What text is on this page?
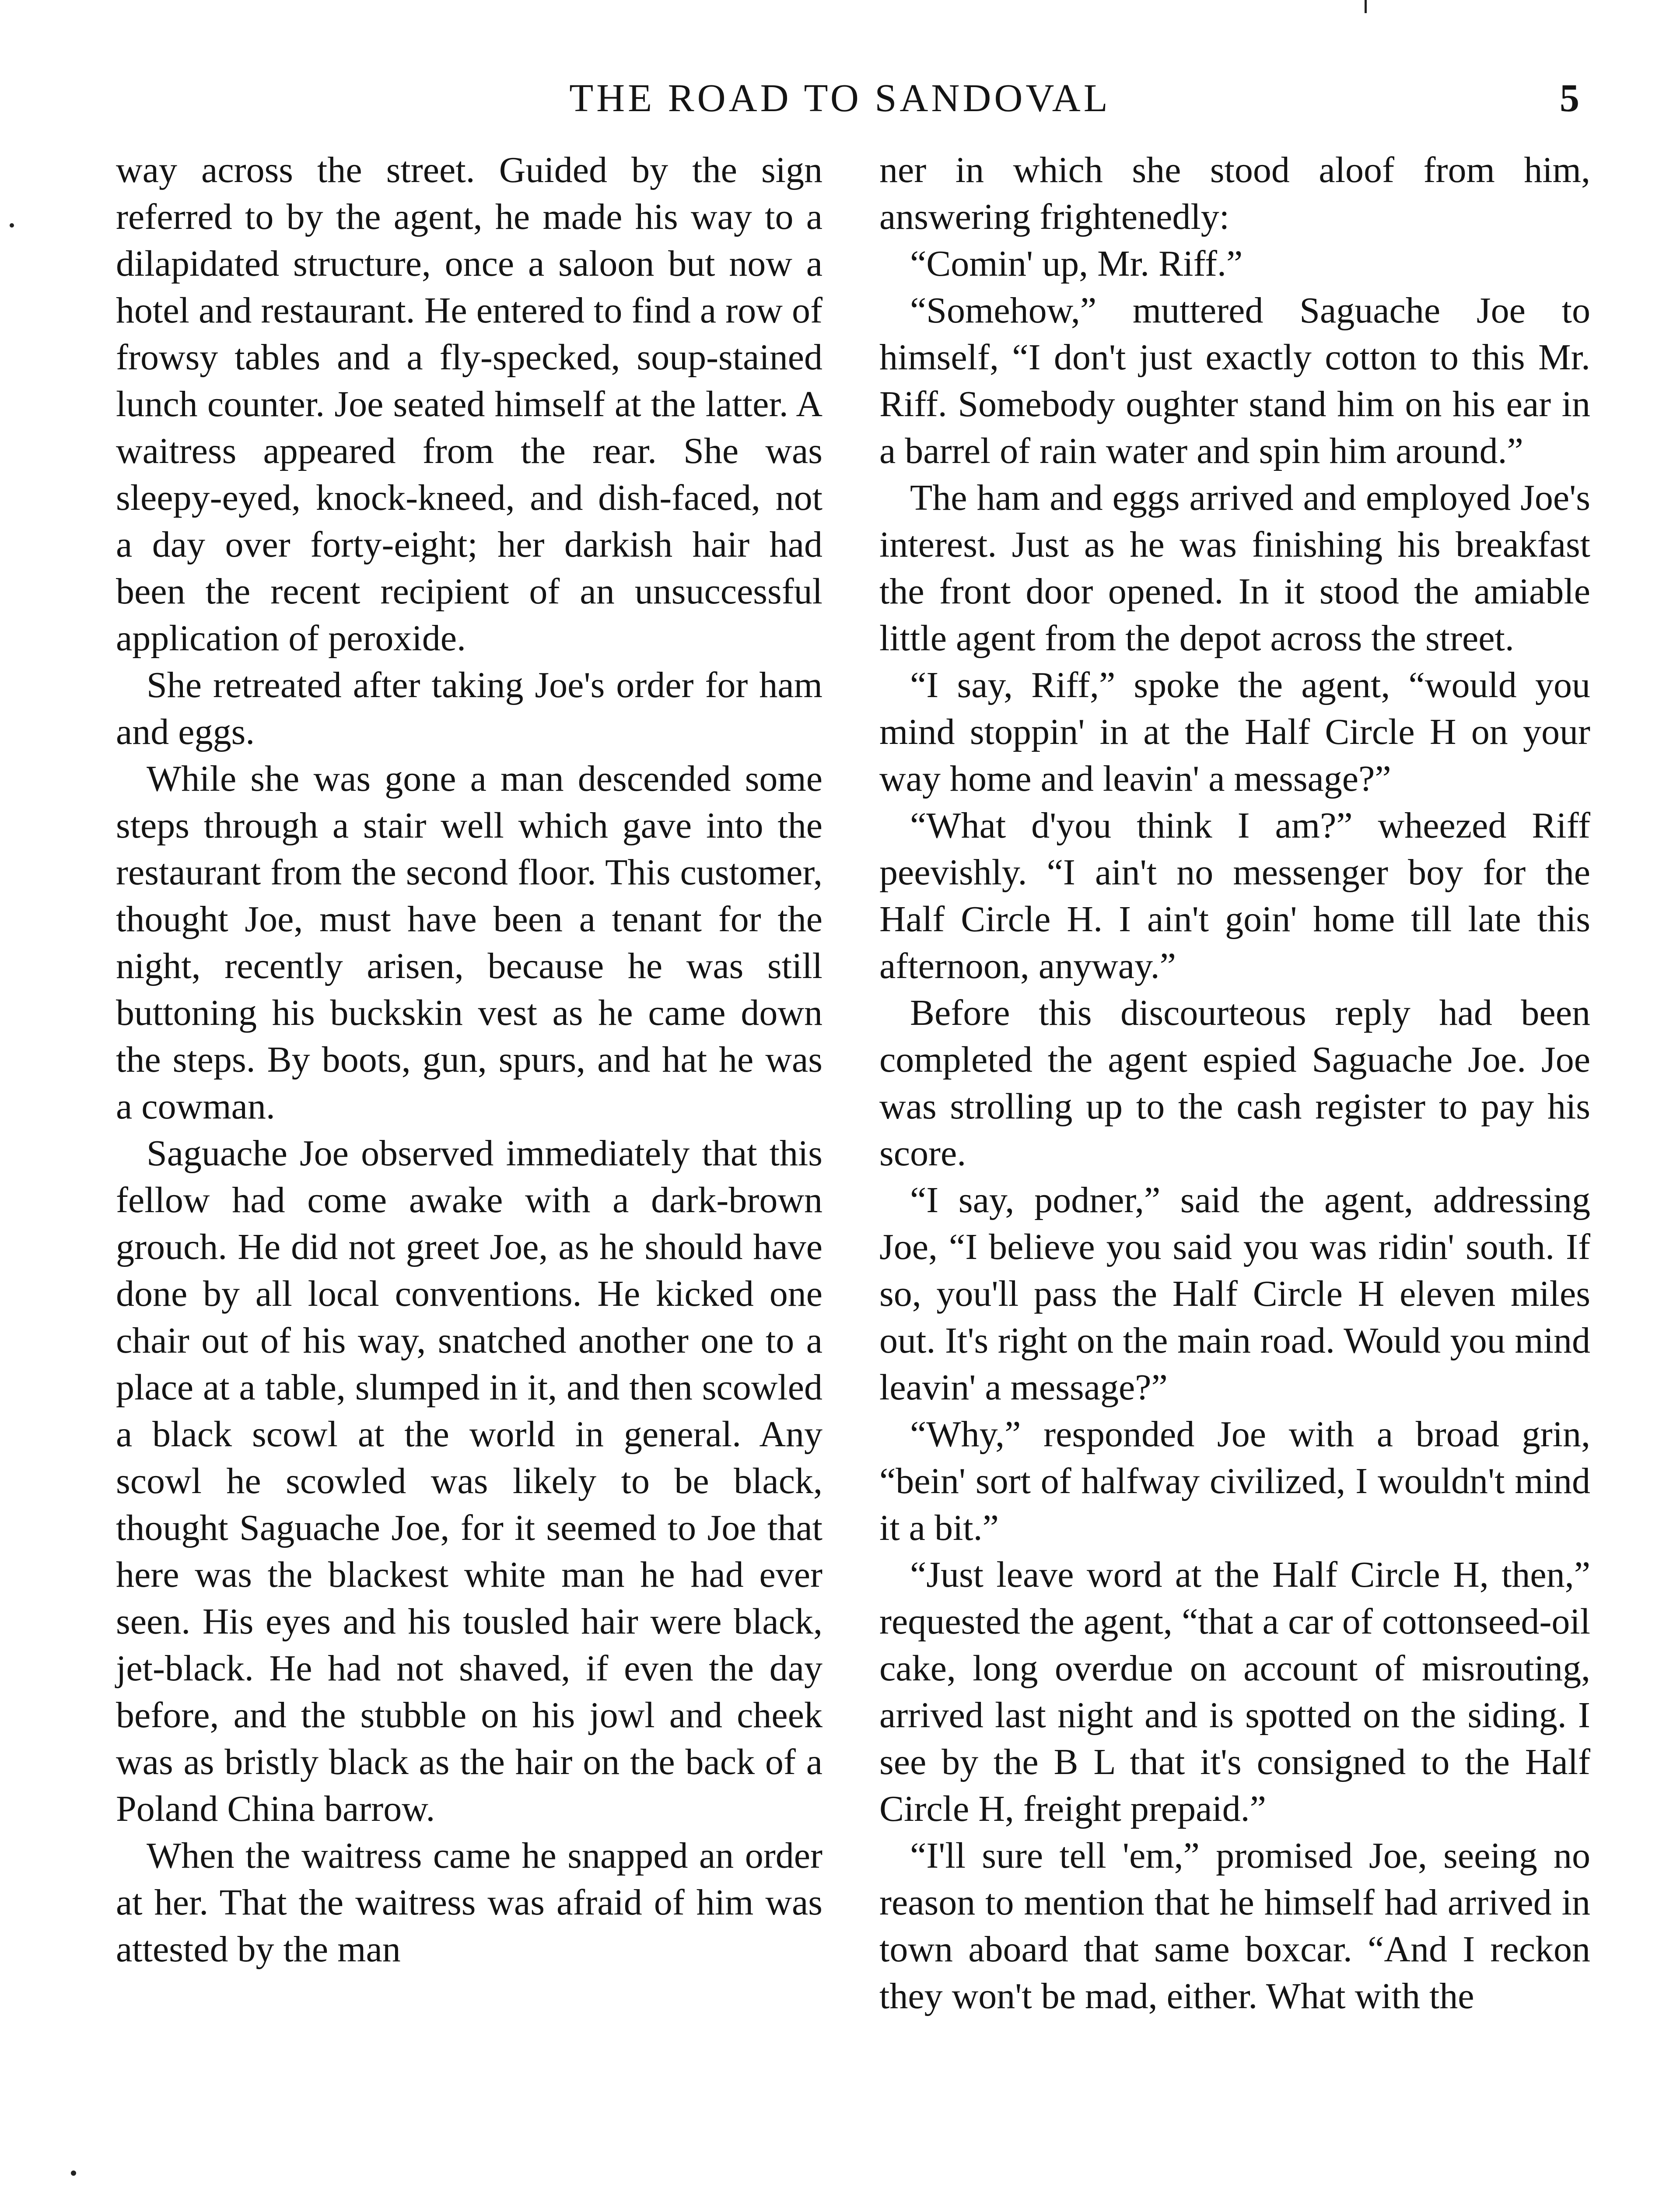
THE ROAD TO SANDOVAL	5

way across the street. Guided by the sign referred to by the agent, he made his way to a dilapidated structure, once a saloon but now a hotel and restaurant. He entered to find a row of frowsy tables and a fly-specked, soup-stained lunch counter. Joe seated himself at the latter. A waitress appeared from the rear. She was sleepy-eyed, knock-kneed, and dish-faced, not a day over forty-eight; her darkish hair had been the recent recipient of an unsuccessful application of peroxide.

She retreated after taking Joe's order for ham and eggs.

While she was gone a man descended some steps through a stair well which gave into the restaurant from the second floor. This customer, thought Joe, must have been a tenant for the night, recently arisen, because he was still buttoning his buckskin vest as he came down the steps. By boots, gun, spurs, and hat he was a cowman.

Saguache Joe observed immediately that this fellow had come awake with a dark-brown grouch. He did not greet Joe, as he should have done by all local conventions. He kicked one chair out of his way, snatched another one to a place at a table, slumped in it, and then scowled a black scowl at the world in general. Any scowl he scowled was likely to be black, thought Saguache Joe, for it seemed to Joe that here was the blackest white man he had ever seen. His eyes and his tousled hair were black, jet-black. He had not shaved, if even the day before, and the stubble on his jowl and cheek was as bristly black as the hair on the back of a Poland China barrow.

When the waitress came he snapped an order at her. That the waitress was afraid of him was attested by the man

ner in which she stood aloof from him, answering frightenedly:

“Comin' up, Mr. Riff.”

“Somehow,” muttered Saguache Joe to himself, “I don't just exactly cotton to this Mr. Riff. Somebody oughter stand him on his ear in a barrel of rain water and spin him around.”

The ham and eggs arrived and employed Joe's interest. Just as he was finishing his breakfast the front door opened. In it stood the amiable little agent from the depot across the street.

“I say, Riff,” spoke the agent, “would you mind stoppin' in at the Half Circle H on your way home and leavin' a message?”

“What d'you think I am?” wheezed Riff peevishly. “I ain't no messenger boy for the Half Circle H. I ain't goin' home till late this afternoon, anyway.”

Before this discourteous reply had been completed the agent espied Saguache Joe. Joe was strolling up to the cash register to pay his score.

“I say, podner,” said the agent, addressing Joe, “I believe you said you was ridin' south. If so, you'll pass the Half Circle H eleven miles out. It's right on the main road. Would you mind leavin' a message?”

“Why,” responded Joe with a broad grin, “bein' sort of halfway civilized, I wouldn't mind it a bit.”

“Just leave word at the Half Circle H, then,” requested the agent, “that a car of cottonseed-oil cake, long overdue on account of misrouting, arrived last night and is spotted on the siding. I see by the B L that it's consigned to the Half Circle H, freight prepaid.”

“I'll sure tell 'em,” promised Joe, seeing no reason to mention that he himself had arrived in town aboard that same boxcar. “And I reckon they won't be mad, either. What with the
